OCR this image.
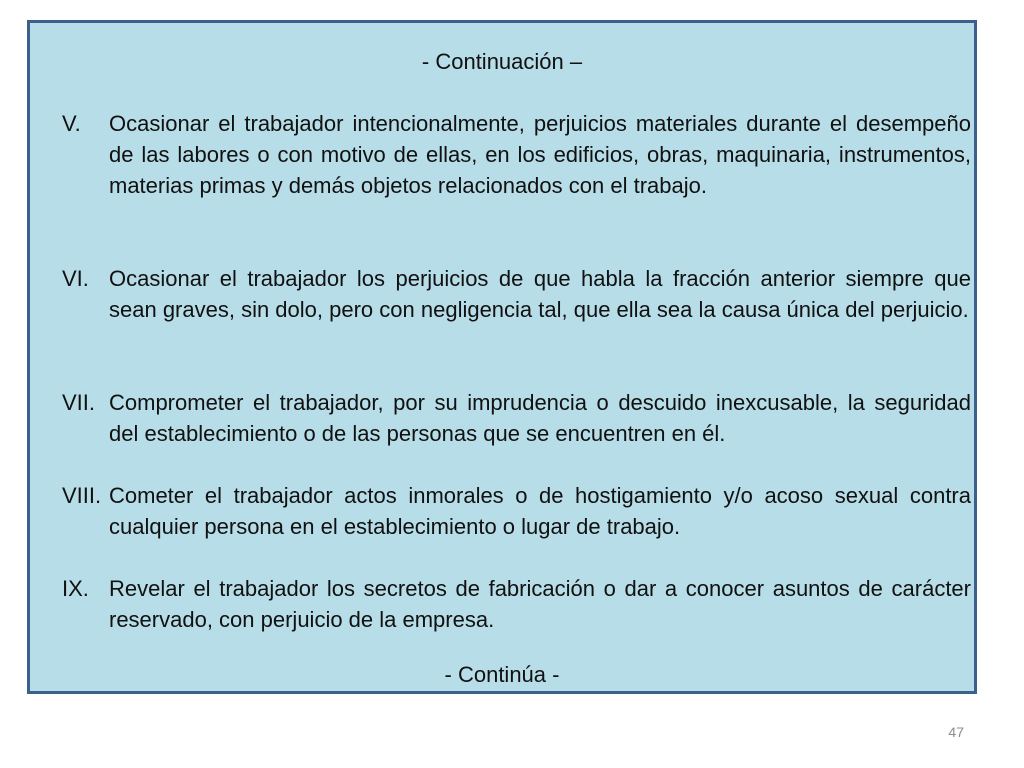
- Continuación –
V. Ocasionar el trabajador intencionalmente, perjuicios materiales durante el desempeño de las labores o con motivo de ellas, en los edificios, obras, maquinaria, instrumentos, materias primas y demás objetos relacionados con el trabajo.
VI. Ocasionar el trabajador los perjuicios de que habla la fracción anterior siempre que sean graves, sin dolo, pero con negligencia tal, que ella sea la causa única del perjuicio.
VII. Comprometer el trabajador, por su imprudencia o descuido inexcusable, la seguridad del establecimiento o de las personas que se encuentren en él.
VIII. Cometer el trabajador actos inmorales o de hostigamiento y/o acoso sexual contra cualquier persona en el establecimiento o lugar de trabajo.
IX. Revelar el trabajador los secretos de fabricación o dar a conocer asuntos de carácter reservado, con perjuicio de la empresa.
- Continúa -
47
